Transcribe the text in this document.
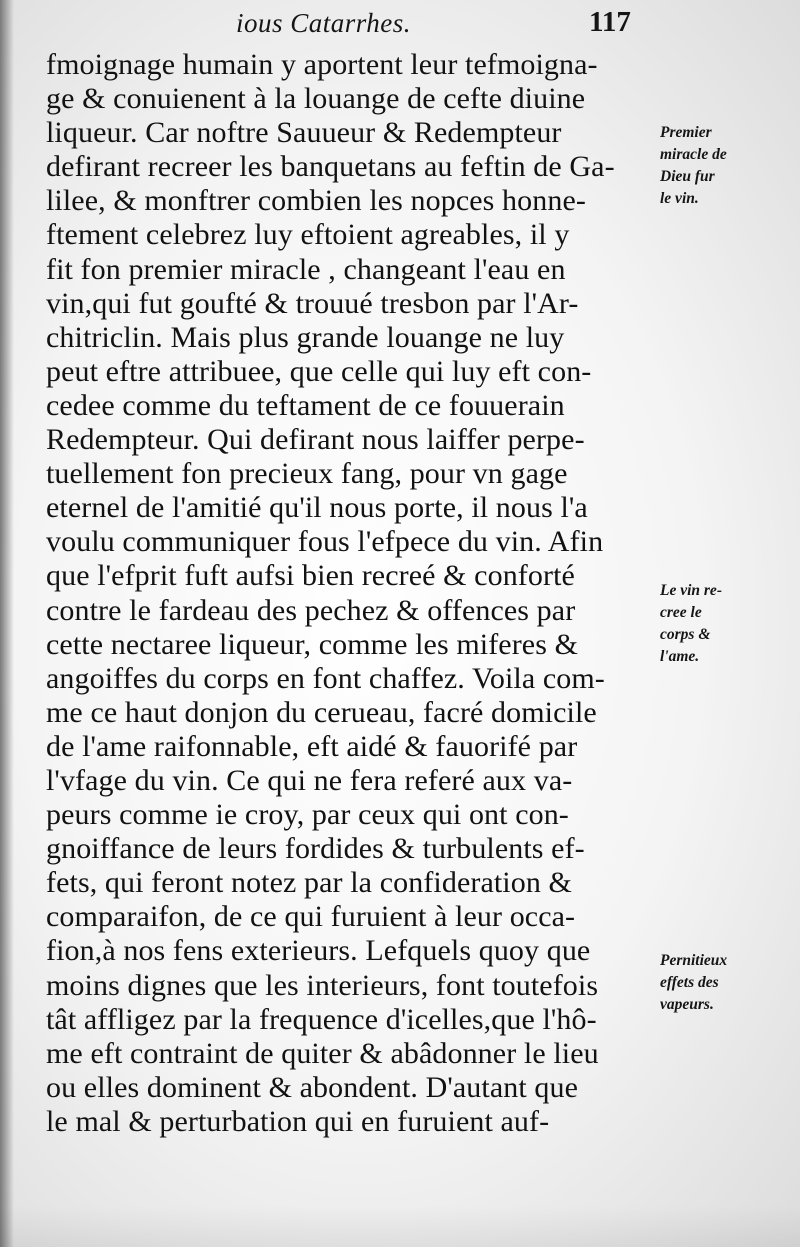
ious Catarrhes.	117
fmoignage humain y aportent leur tefmoigna-
ge & conuienent à la louange de cefte diuine
liqueur. Car noftre Sauueur & Redempteur
defirant recreer les banquetans au feftin de Ga-
lilee, & monftrer combien les nopces honne-
ftement celebrez luy eftoient agreables, il y
fit fon premier miracle , changeant l'eau en
vin,qui fut goufté & trouué tresbon par l'Ar-
chitriclin. Mais plus grande louange ne luy
peut eftre attribuee, que celle qui luy eft con-
cedee comme du teftament de ce fouuerain
Redempteur. Qui defirant nous laiffer perpe-
tuellement fon precieux fang, pour vn gage
eternel de l'amitié qu'il nous porte, il nous l'a
voulu communiquer fous l'efpece du vin. Afin
que l'efprit fuft aufsi bien recreé & conforté
contre le fardeau des pechez & offences par
cette nectaree liqueur, comme les miferes &
angoiffes du corps en font chaffez. Voila com-
me ce haut donjon du cerueau, facré domicile
de l'ame raifonnable, eft aidé & fauorifé par
l'vfage du vin. Ce qui ne fera referé aux va-
peurs comme ie croy, par ceux qui ont con-
gnoiffance de leurs fordides & turbulents ef-
fets, qui feront notez par la confideration &
comparaifon, de ce qui furuient à leur occa-
fion,à nos fens exterieurs. Lefquels quoy que
moins dignes que les interieurs, font toutefois
tât affligez par la frequence d'icelles,que l'hô-
me eft contraint de quiter & abâdonner le lieu
ou elles dominent & abondent. D'autant que
le mal & perturbation qui en furuient auf-
Premier
miracle de
Dieu fur
le vin.
Le vin re-
cree le
corps &
l'ame.
Pernitieux
effets des
vapeurs.
